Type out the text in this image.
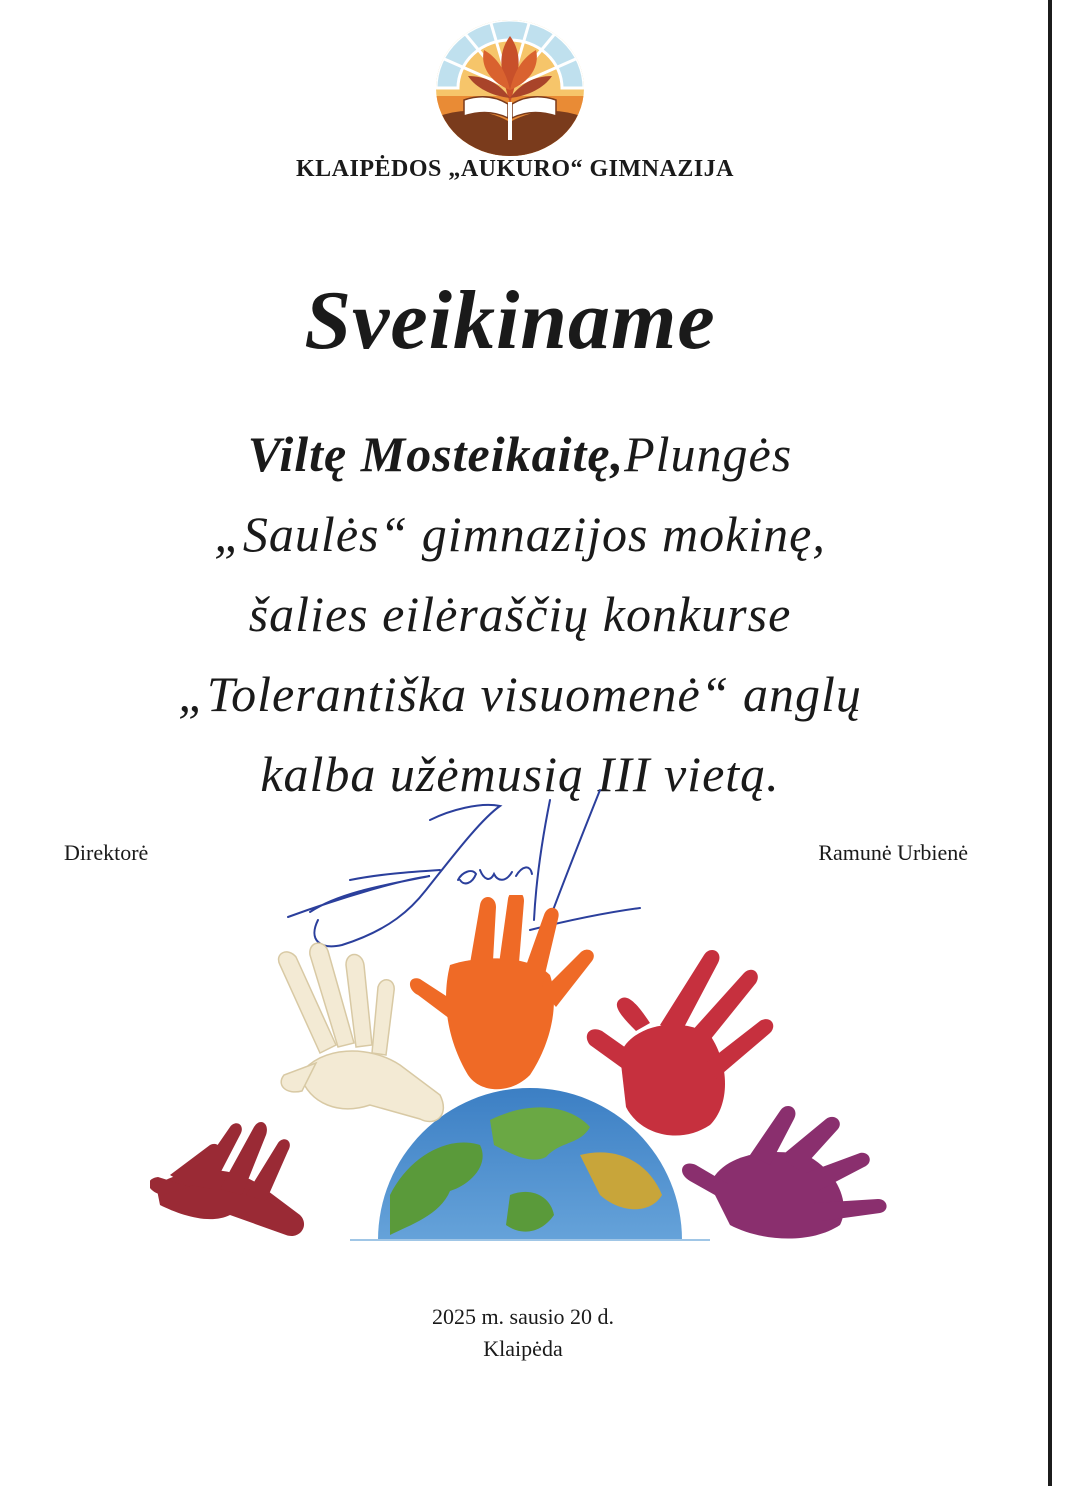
KLAIPĖDOS „AUKURO“ GIMNAZIJA
Sveikiname
Viltę Mosteikaitę,Plungės
„Saulės“ gimnazijos mokinę,
šalies eilėraščių konkurse
„Tolerantiška visuomenė“ anglų
kalba užėmusią III vietą.
Direktorė	Ramunė Urbienė
2025 m. sausio 20 d.
Klaipėda
